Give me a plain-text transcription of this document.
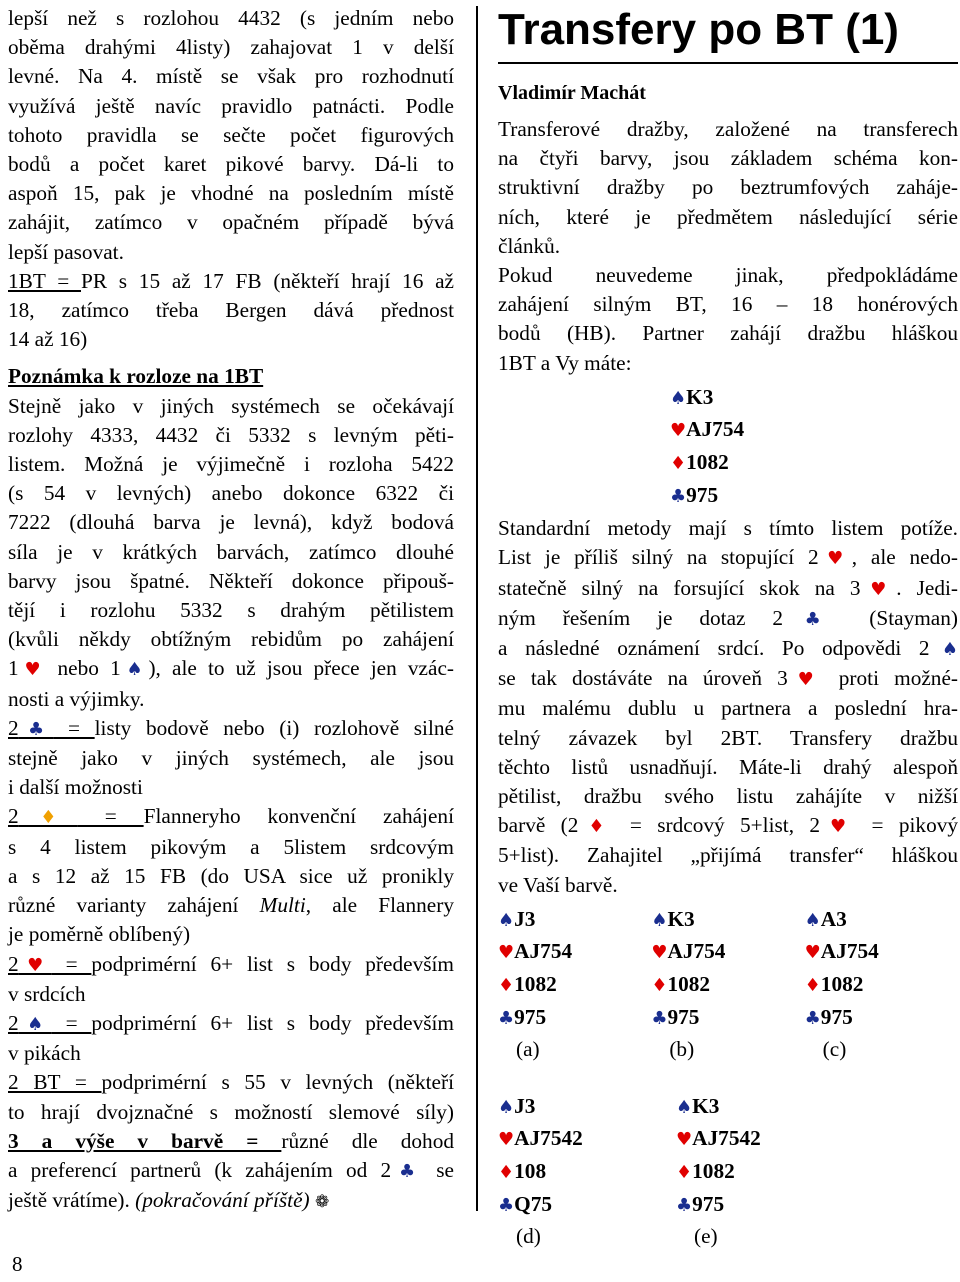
lepší než s rozlohou 4432 (s jedním nebo
oběma drahými 4listy) zahajovat 1 v delší
levné. Na 4. místě se však pro rozhodnutí
využívá ještě navíc pravidlo patnácti. Podle
tohoto pravidla se sečte počet figurových
bodů a počet karet pikové barvy. Dá-li to
aspoň 15, pak je vhodné na posledním místě
zahájit, zatímco v opačném případě bývá
lepší pasovat.
1BT = PR s 15 až 17 FB (někteří hrají 16 až
18, zatímco třeba Bergen dává přednost
14 až 16)
Poznámka k rozloze na 1BT
Stejně jako v jiných systémech se očekávají
rozlohy 4333, 4432 či 5332 s levným pěti-
listem. Možná je výjimečně i rozloha 5422
(s 54 v levných) anebo dokonce 6322 či
7222 (dlouhá barva je levná), když bodová
síla je v krátkých barvách, zatímco dlouhé
barvy jsou špatné. Někteří dokonce připouš-
tějí i rozlohu 5332 s drahým pětilistem
(kvůli někdy obtížným rebidům po zahájení
1♥ nebo 1♠), ale to už jsou přece jen vzác-
nosti a výjimky.
2♣ = listy bodově nebo (i) rozlohově silné
stejně jako v jiných systémech, ale jsou
i další možnosti
2♦ = Flanneryho konvenční zahájení
s 4 listem pikovým a 5listem srdcovým
a s 12 až 15 FB (do USA sice už pronikly
různé varianty zahájení Multi, ale Flannery
je poměrně oblíbený)
2♥ = podprimérní 6+ list s body především
v srdcích
2♠ = podprimérní 6+ list s body především
v pikách
2 BT = podprimérní s 55 v levných (někteří
to hrají dvojznačné s možností slemové síly)
3 a výše v barvě = různé dle dohod
a preferencí partnerů (k zahájením od 2♣ se
ještě vrátíme). (pokračování příště) ❁
Transfery po BT (1)
Vladimír Machát
Transferové dražby, založené na transferech
na čtyři barvy, jsou základem schéma kon-
struktivní dražby po beztrumfových zaháje-
ních, které je předmětem následující série
článků.
Pokud neuvedeme jinak, předpokládáme
zahájení silným BT, 16 – 18 honérových
bodů (HB). Partner zahájí dražbu hláškou
1BT a Vy máte:
♠K3
♥AJ754
♦1082
♣975
Standardní metody mají s tímto listem potíže.
List je příliš silný na stopující 2♥, ale nedo-
statečně silný na forsující skok na 3♥. Jedi-
ným řešením je dotaz 2♣ (Stayman)
a následné oznámení srdcí. Po odpovědi 2♠
se tak dostáváte na úroveň 3♥ proti možné-
mu malému dublu u partnera a poslední hra-
telný závazek byl 2BT. Transfery dražbu
těchto listů usnadňují. Máte-li drahý alespoň
pětilist, dražbu svého listu zahájíte v nižší
barvě (2♦ = srdcový 5+list, 2♥ = pikový
5+list). Zahajitel „přijímá transfer“ hláškou
ve Vaší barvě.
♠J3
♥AJ754
♦1082
♣975
(a)
♠K3
♥AJ754
♦1082
♣975
(b)
♠A3
♥AJ754
♦1082
♣975
(c)
♠J3
♥AJ7542
♦108
♣Q75
(d)
♠K3
♥AJ7542
♦1082
♣975
(e)
8
